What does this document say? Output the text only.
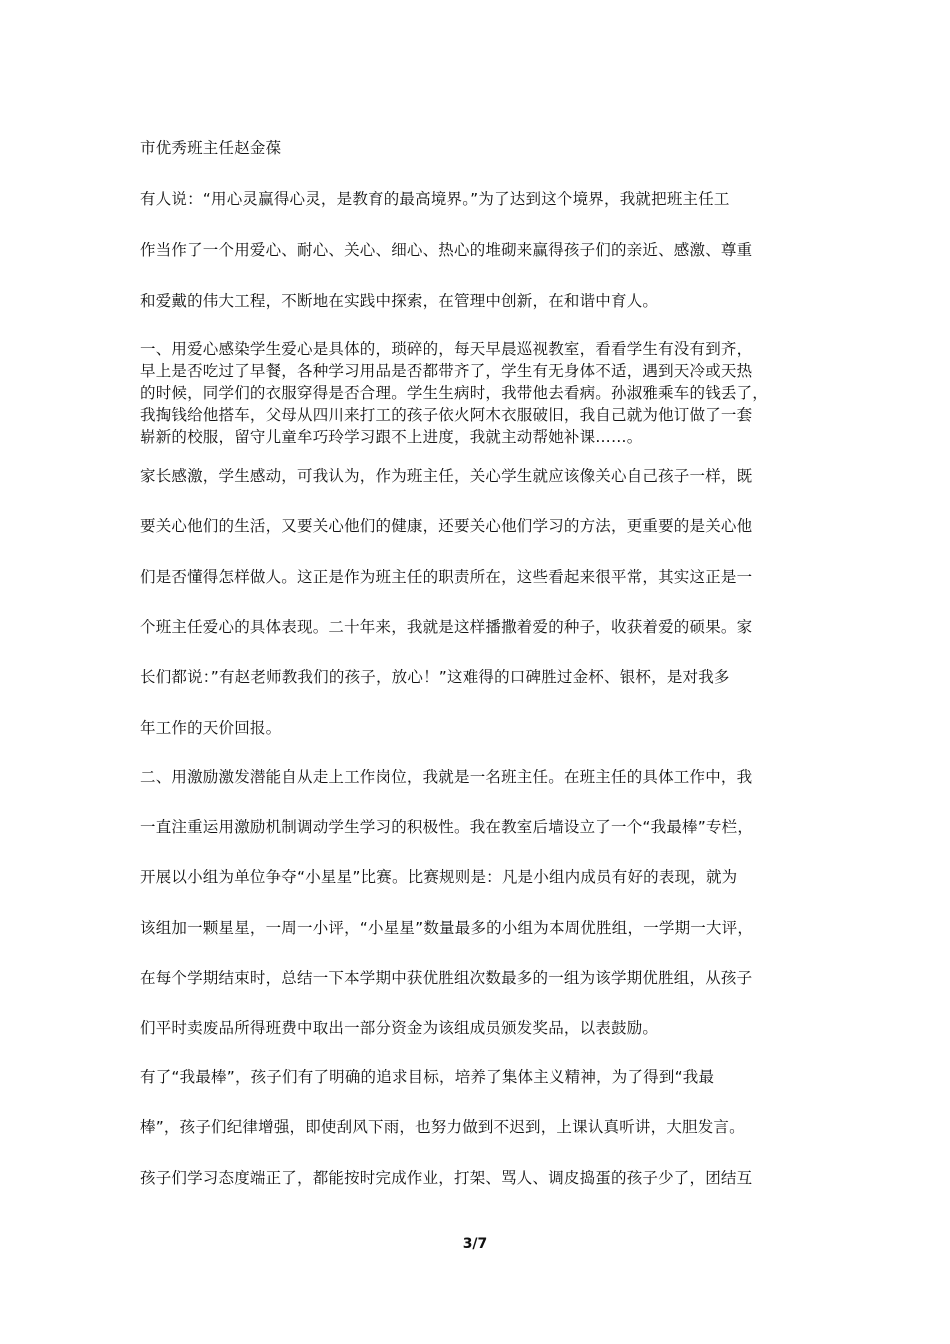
市优秀班主任赵金葆
有人说：“用心灵赢得心灵，是教育的最高境界。”为了达到这个境界，我就把班主任工
作当作了一个用爱心、耐心、关心、细心、热心的堆砌来赢得孩子们的亲近、感激、尊重
和爱戴的伟大工程，不断地在实践中探索，在管理中创新，在和谐中育人。
一、用爱心感染学生爱心是具体的，琐碎的，每天早晨巡视教室，看看学生有没有到齐，
早上是否吃过了早餐，各种学习用品是否都带齐了，学生有无身体不适，遇到天冷或天热
的时候，同学们的衣服穿得是否合理。学生生病时，我带他去看病。孙淑雅乘车的钱丢了，
我掏钱给他搭车，父母从四川来打工的孩子依火阿木衣服破旧，我自己就为他订做了一套
崭新的校服，留守儿童牟巧玲学习跟不上进度，我就主动帮她补课……。
家长感激，学生感动，可我认为，作为班主任，关心学生就应该像关心自己孩子一样，既
要关心他们的生活，又要关心他们的健康，还要关心他们学习的方法，更重要的是关心他
们是否懂得怎样做人。这正是作为班主任的职责所在，这些看起来很平常，其实这正是一
个班主任爱心的具体表现。二十年来，我就是这样播撒着爱的种子，收获着爱的硕果。家
长们都说：”有赵老师教我们的孩子，放心！”这难得的口碑胜过金杯、银杯，是对我多
年工作的天价回报。
二、用激励激发潜能自从走上工作岗位，我就是一名班主任。在班主任的具体工作中，我
一直注重运用激励机制调动学生学习的积极性。我在教室后墙设立了一个“我最棒”专栏，
开展以小组为单位争夺“小星星”比赛。比赛规则是：凡是小组内成员有好的表现，就为
该组加一颗星星，一周一小评，“小星星”数量最多的小组为本周优胜组，一学期一大评，
在每个学期结束时，总结一下本学期中获优胜组次数最多的一组为该学期优胜组，从孩子
们平时卖废品所得班费中取出一部分资金为该组成员颁发奖品，以表鼓励。
有了“我最棒”，孩子们有了明确的追求目标，培养了集体主义精神，为了得到“我最
棒”，孩子们纪律增强，即使刮风下雨，也努力做到不迟到，上课认真听讲，大胆发言。
孩子们学习态度端正了，都能按时完成作业，打架、骂人、调皮捣蛋的孩子少了，团结互
3/7
